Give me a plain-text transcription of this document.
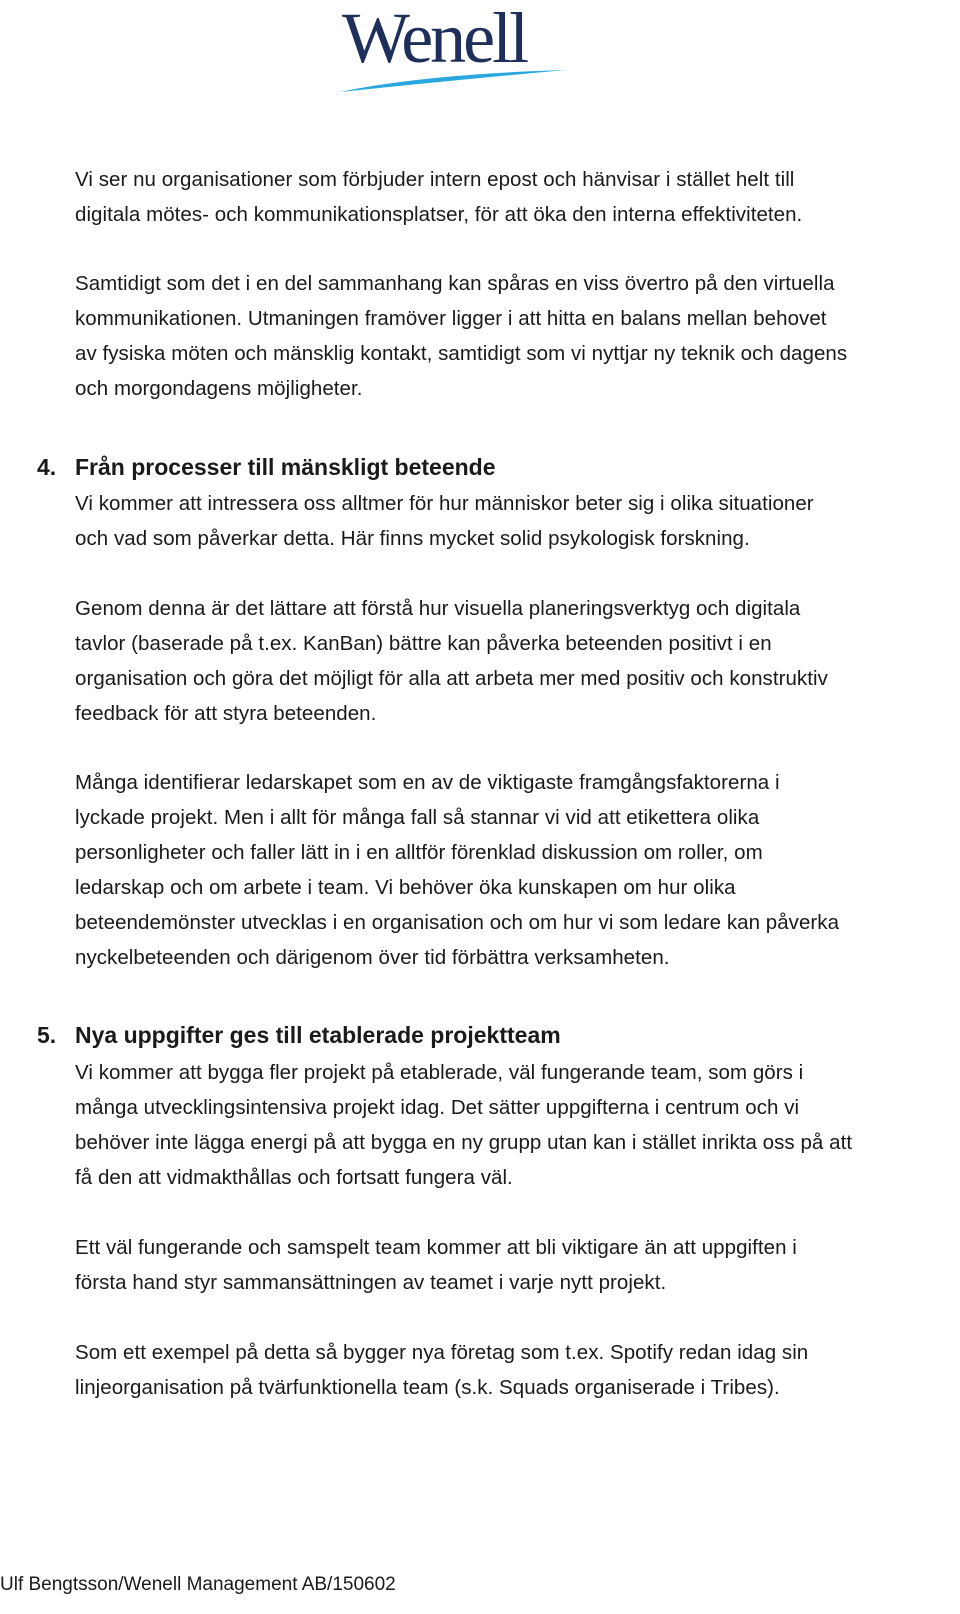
Wenell
Vi ser nu organisationer som förbjuder intern epost och hänvisar i stället helt till
digitala mötes- och kommunikationsplatser, för att öka den interna effektiviteten.
Samtidigt som det i en del sammanhang kan spåras en viss övertro på den virtuella
kommunikationen. Utmaningen framöver ligger i att hitta en balans mellan behovet
av fysiska möten och mänsklig kontakt, samtidigt som vi nyttjar ny teknik och dagens
och morgondagens möjligheter.
4. Från processer till mänskligt beteende
Vi kommer att intressera oss alltmer för hur människor beter sig i olika situationer
och vad som påverkar detta. Här finns mycket solid psykologisk forskning.
Genom denna är det lättare att förstå hur visuella planeringsverktyg och digitala
tavlor (baserade på t.ex. KanBan) bättre kan påverka beteenden positivt i en
organisation och göra det möjligt för alla att arbeta mer med positiv och konstruktiv
feedback för att styra beteenden.
Många identifierar ledarskapet som en av de viktigaste framgångsfaktorerna i
lyckade projekt. Men i allt för många fall så stannar vi vid att etikettera olika
personligheter och faller lätt in i en alltför förenklad diskussion om roller, om
ledarskap och om arbete i team. Vi behöver öka kunskapen om hur olika
beteendemönster utvecklas i en organisation och om hur vi som ledare kan påverka
nyckelbeteenden och därigenom över tid förbättra verksamheten.
5. Nya uppgifter ges till etablerade projektteam
Vi kommer att bygga fler projekt på etablerade, väl fungerande team, som görs i
många utvecklingsintensiva projekt idag. Det sätter uppgifterna i centrum och vi
behöver inte lägga energi på att bygga en ny grupp utan kan i stället inrikta oss på att
få den att vidmakthållas och fortsatt fungera väl.
Ett väl fungerande och samspelt team kommer att bli viktigare än att uppgiften i
första hand styr sammansättningen av teamet i varje nytt projekt.
Som ett exempel på detta så bygger nya företag som t.ex. Spotify redan idag sin
linjeorganisation på tvärfunktionella team (s.k. Squads organiserade i Tribes).
Ulf Bengtsson/Wenell Management AB/150602
